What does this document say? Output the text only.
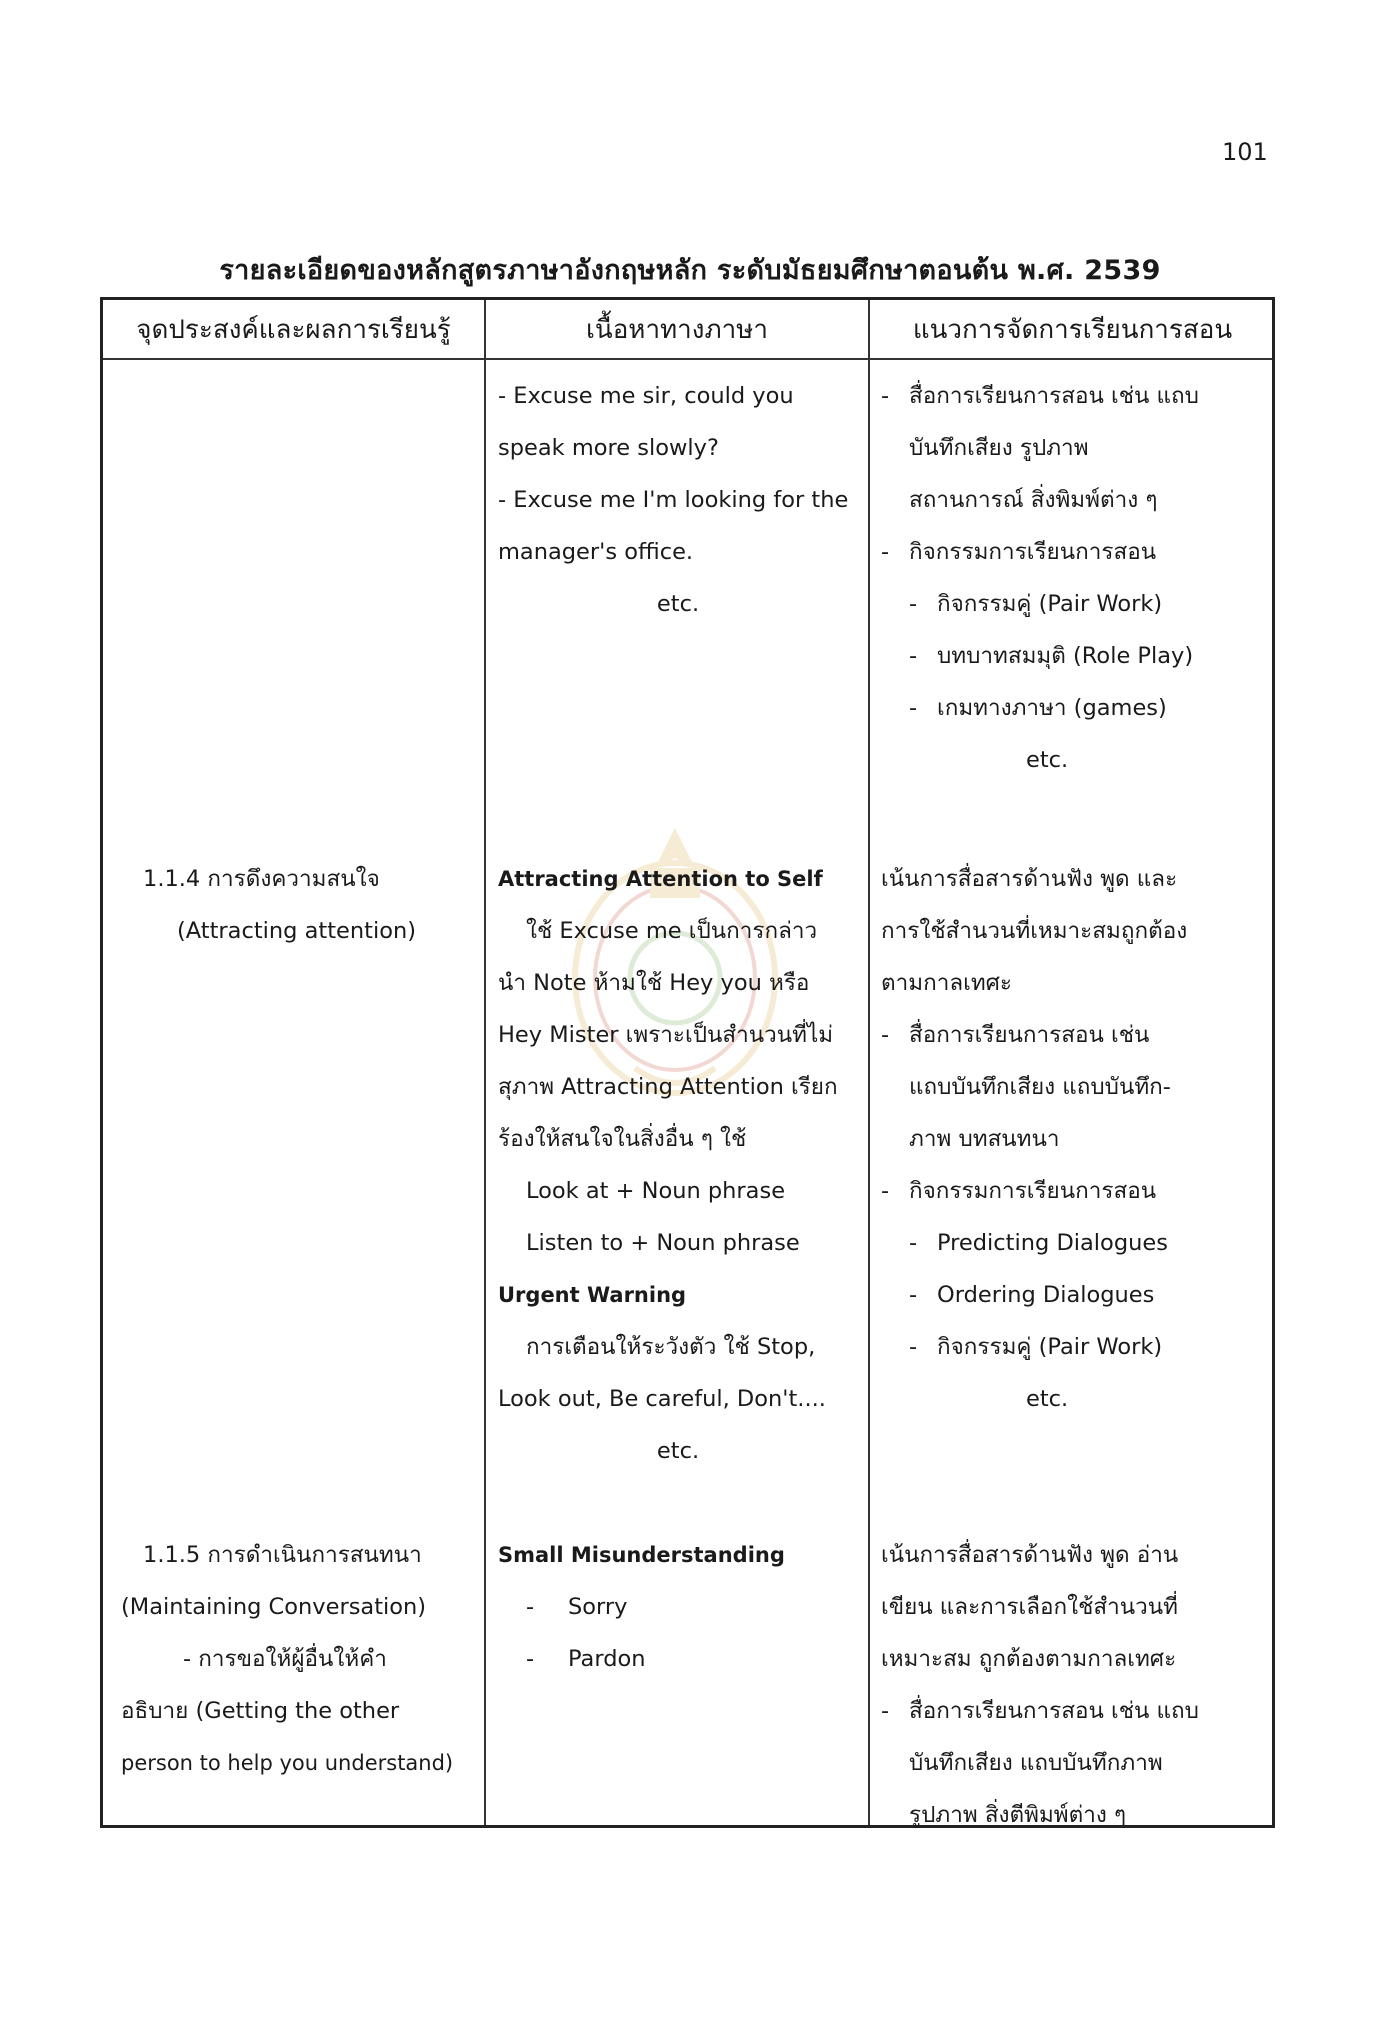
101
รายละเอียดของหลักสูตรภาษาอังกฤษหลัก ระดับมัธยมศึกษาตอนต้น พ.ศ. 2539
จุดประสงค์และผลการเรียนรู้	เนื้อหาทางภาษา	แนวการจัดการเรียนการสอน
- Excuse me sir, could you
speak more slowly?
- Excuse me I'm looking for the
manager's office.
etc.
- สื่อการเรียนการสอน เช่น แถบ
บันทึกเสียง รูปภาพ
สถานการณ์ สิ่งพิมพ์ต่าง ๆ
- กิจกรรมการเรียนการสอน
- กิจกรรมคู่ (Pair Work)
- บทบาทสมมุติ (Role Play)
- เกมทางภาษา (games)
etc.
1.1.4 การดึงความสนใจ
(Attracting attention)
Attracting Attention to Self
ใช้ Excuse me เป็นการกล่าว
นำ Note ห้ามใช้ Hey you หรือ
Hey Mister เพราะเป็นสำนวนที่ไม่
สุภาพ Attracting Attention เรียก
ร้องให้สนใจในสิ่งอื่น ๆ ใช้
Look at + Noun phrase
Listen to + Noun phrase
Urgent Warning
การเตือนให้ระวังตัว ใช้ Stop,
Look out, Be careful, Don't....
etc.
เน้นการสื่อสารด้านฟัง พูด และ
การใช้สำนวนที่เหมาะสมถูกต้อง
ตามกาลเทศะ
- สื่อการเรียนการสอน เช่น
แถบบันทึกเสียง แถบบันทึก-
ภาพ บทสนทนา
- กิจกรรมการเรียนการสอน
- Predicting Dialogues
- Ordering Dialogues
- กิจกรรมคู่ (Pair Work)
etc.
1.1.5 การดำเนินการสนทนา
(Maintaining Conversation)
- การขอให้ผู้อื่นให้คำ
อธิบาย (Getting the other
person to help you understand)
Small Misunderstanding
- Sorry
- Pardon
เน้นการสื่อสารด้านฟัง พูด อ่าน
เขียน และการเลือกใช้สำนวนที่
เหมาะสม ถูกต้องตามกาลเทศะ
- สื่อการเรียนการสอน เช่น แถบ
บันทึกเสียง แถบบันทึกภาพ
รูปภาพ สิ่งตีพิมพ์ต่าง ๆ
